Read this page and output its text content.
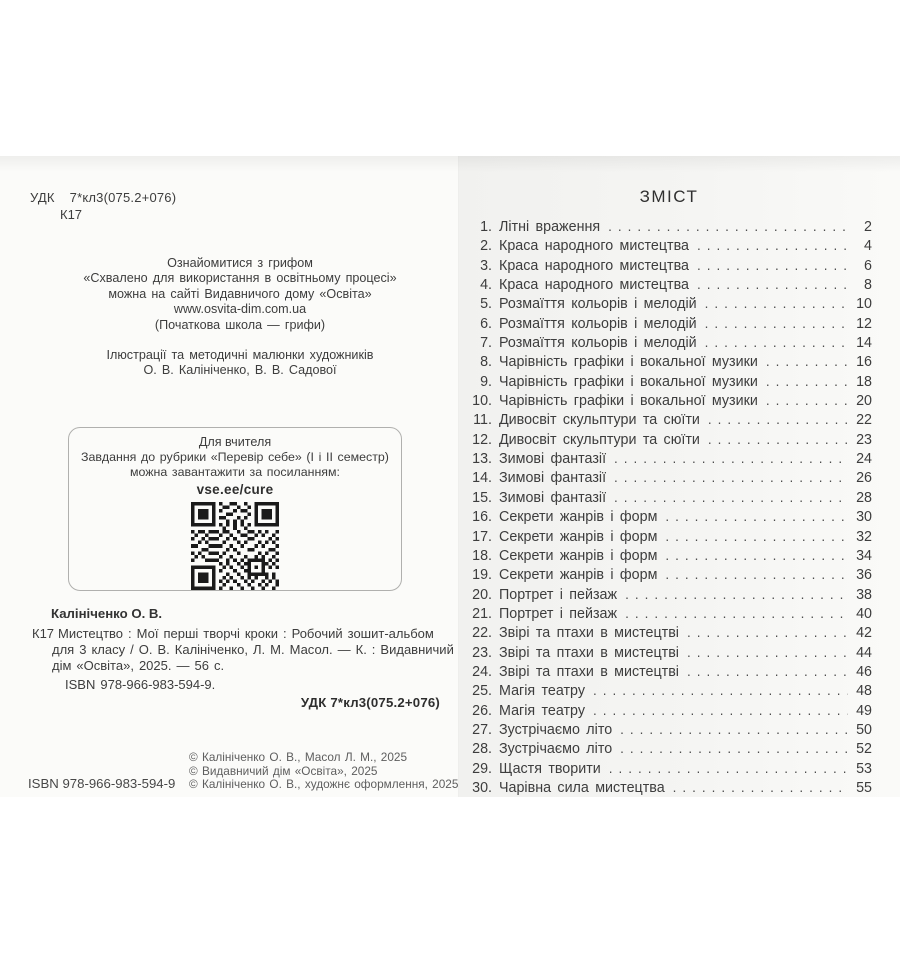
УДК 7*кл3(075.2+076)
К17
Ознайомитися з грифом
«Схвалено для використання в освітньому процесі»
можна на сайті Видавничого дому «Освіта»
www.osvita-dim.com.ua
(Початкова школа — грифи)
Ілюстрації та методичні малюнки художників
О. В. Калініченко, В. В. Садової
Для вчителя
Завдання до рубрики «Перевір себе» (І і ІІ семестр)
можна завантажити за посиланням:
vse.ee/cure
Калініченко О. В.
К17 Мистецтво : Мої перші творчі кроки : Робочий зошит-альбом
для 3 класу / О. В. Калініченко, Л. М. Масол. — К. : Видавничий
дім «Освіта», 2025. — 56 с.
ISBN 978-966-983-594-9.
УДК 7*кл3(075.2+076)
© Калініченко О. В., Масол Л. М., 2025
© Видавничий дім «Освіта», 2025
© Калініченко О. В., художнє оформлення, 2025
ISBN 978-966-983-594-9
ЗМІСТ
1. Літні враження .....	2
2. Краса народного мистецтва .....	4
3. Краса народного мистецтва .....	6
4. Краса народного мистецтва .....	8
5. Розмаїття кольорів і мелодій .....	10
6. Розмаїття кольорів і мелодій .....	12
7. Розмаїття кольорів і мелодій .....	14
8. Чарівність графіки і вокальної музики .....	16
9. Чарівність графіки і вокальної музики .....	18
10. Чарівність графіки і вокальної музики .....	20
11. Дивосвіт скульптури та сюїти .....	22
12. Дивосвіт скульптури та сюїти .....	23
13. Зимові фантазії .....	24
14. Зимові фантазії .....	26
15. Зимові фантазії .....	28
16. Секрети жанрів і форм .....	30
17. Секрети жанрів і форм .....	32
18. Секрети жанрів і форм .....	34
19. Секрети жанрів і форм .....	36
20. Портрет і пейзаж .....	38
21. Портрет і пейзаж .....	40
22. Звірі та птахи в мистецтві .....	42
23. Звірі та птахи в мистецтві .....	44
24. Звірі та птахи в мистецтві .....	46
25. Магія театру .....	48
26. Магія театру .....	49
27. Зустрічаємо літо .....	50
28. Зустрічаємо літо .....	52
29. Щастя творити .....	53
30. Чарівна сила мистецтва .....	55
